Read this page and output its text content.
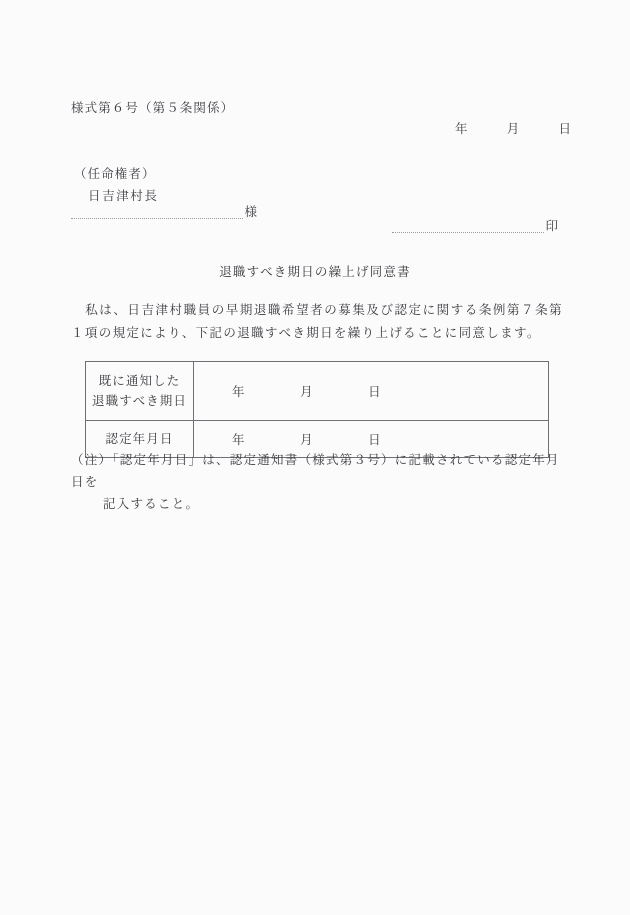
様式第６号（第５条関係）
年	月	日
（任命権者）
日吉津村長
様
印
退職すべき期日の繰上げ同意書
私は、日吉津村職員の早期退職希望者の募集及び認定に関する条例第７条第１項の規定により、下記の退職すべき期日を繰り上げることに同意します。
既に通知した
退職すべき期日	年 月 日

認定年月日	年 月 日
（注）「認定年月日」は、認定通知書（様式第３号）に記載されている認定年月日を
記入すること。
